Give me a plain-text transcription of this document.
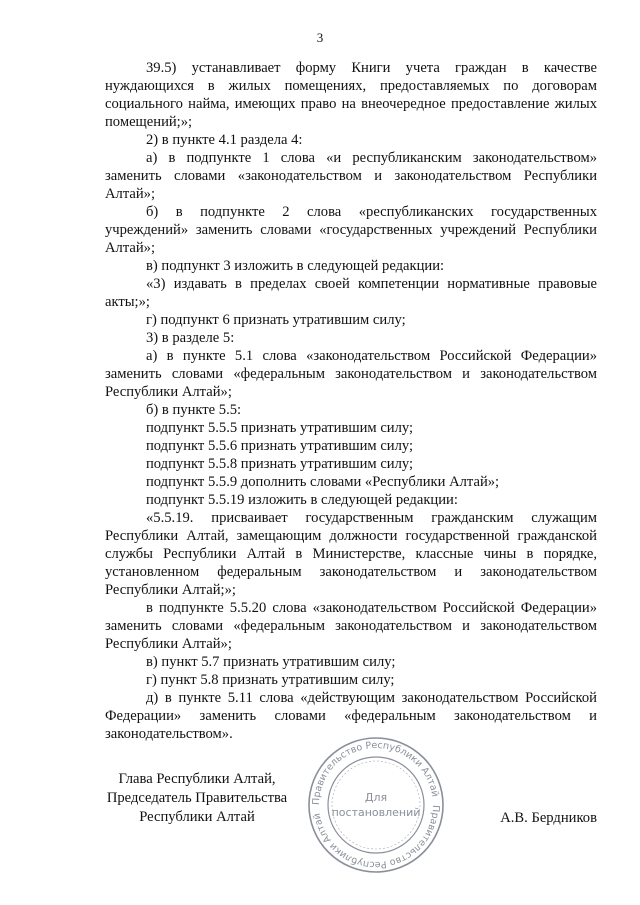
3

39.5) устанавливает форму Книги учета граждан в качестве нуждающихся в жилых помещениях, предоставляемых по договорам социального найма, имеющих право на внеочередное предоставление жилых помещений;»;

2) в пункте 4.1 раздела 4:

а) в подпункте 1 слова «и республиканским законодательством» заменить словами «законодательством и законодательством Республики Алтай»;

б) в подпункте 2 слова «республиканских государственных учреждений» заменить словами «государственных учреждений Республики Алтай»;

в) подпункт 3 изложить в следующей редакции:

«3) издавать в пределах своей компетенции нормативные правовые акты;»;

г) подпункт 6 признать утратившим силу;

3) в разделе 5:

а) в пункте 5.1 слова «законодательством Российской Федерации» заменить словами «федеральным законодательством и законодательством Республики Алтай»;

б) в пункте 5.5:

подпункт 5.5.5 признать утратившим силу;

подпункт 5.5.6 признать утратившим силу;

подпункт 5.5.8 признать утратившим силу;

подпункт 5.5.9 дополнить словами «Республики Алтай»;

подпункт 5.5.19 изложить в следующей редакции:

«5.5.19. присваивает государственным гражданским служащим Республики Алтай, замещающим должности государственной гражданской службы Республики Алтай в Министерстве, классные чины в порядке, установленном федеральным законодательством и законодательством Республики Алтай;»;

в подпункте 5.5.20 слова «законодательством Российской Федерации» заменить словами «федеральным законодательством и законодательством Республики Алтай»;

в) пункт 5.7 признать утратившим силу;

г) пункт 5.8 признать утратившим силу;

д) в пункте 5.11 слова «действующим законодательством Российской Федерации» заменить словами «федеральным законодательством и законодательством».

Глава Республики Алтай,
Председатель Правительства
Республики Алтай
Правительство Республики Алтай
Правительство Республики Алтай
Для
постановлений	А.В. Бердников
